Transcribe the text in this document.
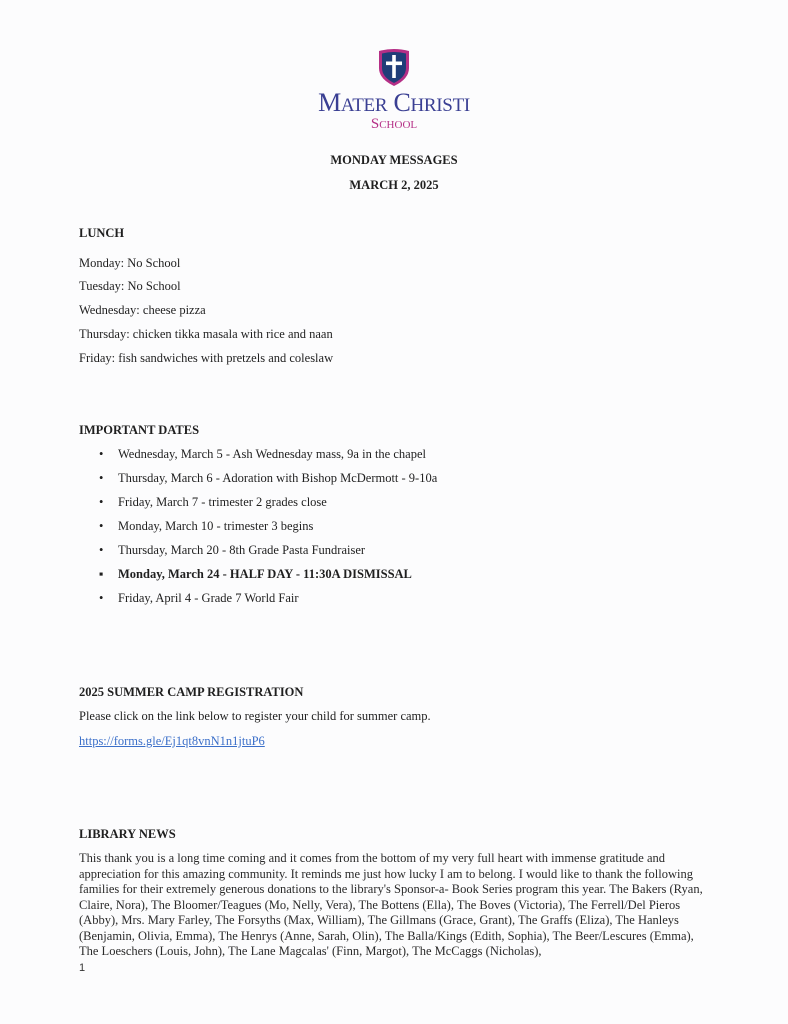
MATER CHRISTI
SCHOOL
MONDAY MESSAGES
MARCH 2, 2025
LUNCH
Monday: No School
Tuesday: No School
Wednesday: cheese pizza
Thursday: chicken tikka masala with rice and naan
Friday: fish sandwiches with pretzels and coleslaw
IMPORTANT DATES
• Wednesday, March 5 - Ash Wednesday mass, 9a in the chapel
• Thursday, March 6 - Adoration with Bishop McDermott - 9-10a
• Friday, March 7 - trimester 2 grades close
• Monday, March 10 - trimester 3 begins
• Thursday, March 20 - 8th Grade Pasta Fundraiser
▪ Monday, March 24 - HALF DAY - 11:30A DISMISSAL
• Friday, April 4 - Grade 7 World Fair
2025 SUMMER CAMP REGISTRATION
Please click on the link below to register your child for summer camp.
https://forms.gle/Ej1qt8vnN1n1jtuP6
LIBRARY NEWS
This thank you is a long time coming and it comes from the bottom of my very full heart with immense gratitude and appreciation for this amazing community. It reminds me just how lucky I am to belong. I would like to thank the following families for their extremely generous donations to the library's Sponsor-a- Book Series program this year. The Bakers (Ryan, Claire, Nora), The Bloomer/Teagues (Mo, Nelly, Vera), The Bottens (Ella), The Boves (Victoria), The Ferrell/Del Pieros (Abby), Mrs. Mary Farley, The Forsyths (Max, William), The Gillmans (Grace, Grant), The Graffs (Eliza), The Hanleys (Benjamin, Olivia, Emma), The Henrys (Anne, Sarah, Olin), The Balla/Kings (Edith, Sophia), The Beer/Lescures (Emma), The Loeschers (Louis, John), The Lane Magcalas' (Finn, Margot), The McCaggs (Nicholas),
1
